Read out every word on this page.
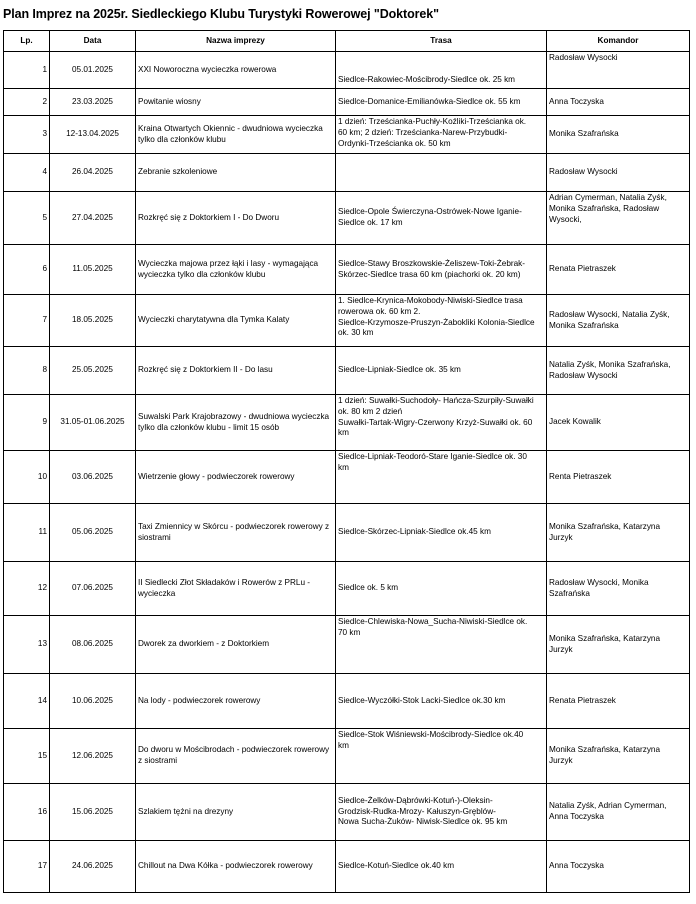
Plan Imprez na 2025r. Siedleckiego Klubu Turystyki Rowerowej "Doktorek"
Lp.	Data	Nazwa imprezy	Trasa	Komandor
1	05.01.2025	XXI Noworoczna wycieczka rowerowa	Siedlce-Rakowiec-Mościbrody-Siedlce ok. 25 km	Radosław Wysocki
2	23.03.2025	Powitanie wiosny	Siedlce-Domanice-Emilianówka-Siedlce ok. 55 km	Anna Toczyska
3	12-13.04.2025	Kraina Otwartych Okiennic - dwudniowa wycieczka tylko dla członków klubu	1 dzień: Trześcianka-Puchły-Koźliki-Trześcianka ok.
60 km; 2 dzień: Trześcianka-Narew-Przybudki-
Ordynki-Trześcianka ok. 50 km	Monika Szafrańska
4	26.04.2025	Zebranie szkoleniowe		Radosław Wysocki
5	27.04.2025	Rozkręć się z Doktorkiem I - Do Dworu	Siedlce-Opole Świerczyna-Ostrówek-Nowe Iganie-
Siedlce ok. 17 km	Adrian Cymerman, Natalia Zyśk,
Monika Szafrańska, Radosław
Wysocki,

6	11.05.2025	Wycieczka majowa przez łąki i lasy - wymagająca wycieczka tylko dla członków klubu	Siedlce-Stawy Broszkowskie-Żeliszew-Toki-Żebrak-
Skórzec-Siedlce trasa 60 km (piachorki ok. 20 km)	Renata Pietraszek
7	18.05.2025	Wycieczki charytatywna dla Tymka Kalaty	1. Siedlce-Krynica-Mokobody-Niwiski-Siedlce trasa
rowerowa ok. 60 km 2.
Siedlce-Krzymosze-Pruszyn-Żabokliki Kolonia-Siedlce
ok. 30 km	Radosław Wysocki, Natalia Zyśk,
Monika Szafrańska

8	25.05.2025	Rozkręć się z Doktorkiem II - Do lasu	Siedlce-Lipniak-Siedlce ok. 35 km	Natalia Zyśk, Monika Szafrańska,
Radosław Wysocki

9	31.05-01.06.2025	Suwalski Park Krajobrazowy - dwudniowa wycieczka tylko dla członków klubu - limit 15 osób	1 dzień: Suwałki-Suchodoły- Hańcza-Szurpiły-Suwałki
ok. 80 km 2 dzień
Suwałki-Tartak-Wigry-Czerwony Krzyż-Suwałki ok. 60
km	Jacek Kowalik
10	03.06.2025	Wietrzenie głowy - podwieczorek rowerowy	Siedlce-Lipniak-Teodoró-Stare Iganie-Siedlce ok. 30
km	Renta Pietraszek
11	05.06.2025	Taxi Zmiennicy w Skórcu - podwieczorek rowerowy z siostrami	Siedlce-Skórzec-Lipniak-Siedlce ok.45 km	Monika Szafrańska, Katarzyna
Jurzyk

12	07.06.2025	II Siedlecki Złot Składaków i Rowerów z PRLu - wycieczka	Siedlce ok. 5 km	Radosław Wysocki, Monika
Szafrańska

13	08.06.2025	Dworek za dworkiem - z Doktorkiem	Siedlce-Chlewiska-Nowa_Sucha-Niwiski-Siedlce ok.
70 km	Monika Szafrańska, Katarzyna
Jurzyk

14	10.06.2025	Na lody - podwieczorek rowerowy	Siedlce-Wyczółki-Stok Lacki-Siedlce ok.30 km	Renata Pietraszek
15	12.06.2025	Do dworu w Mościbrodach - podwieczorek rowerowy z siostrami	Siedlce-Stok Wiśniewski-Mościbrody-Siedlce ok.40
km	Monika Szafrańska, Katarzyna
Jurzyk

16	15.06.2025	Szlakiem tężni na drezyny	Siedlce-Żelków-Dąbrówki-Kotuń-)-Oleksin-
Grodzisk-Rudka-Mrozy- Kałuszyn-Gręblów-
Nowa Sucha-Żuków- Niwisk-Siedlce ok. 95 km	Natalia Zyśk, Adrian Cymerman,
Anna Toczyska

17	24.06.2025	Chillout na Dwa Kółka - podwieczorek rowerowy	Siedlce-Kotuń-Siedlce ok.40 km	Anna Toczyska
